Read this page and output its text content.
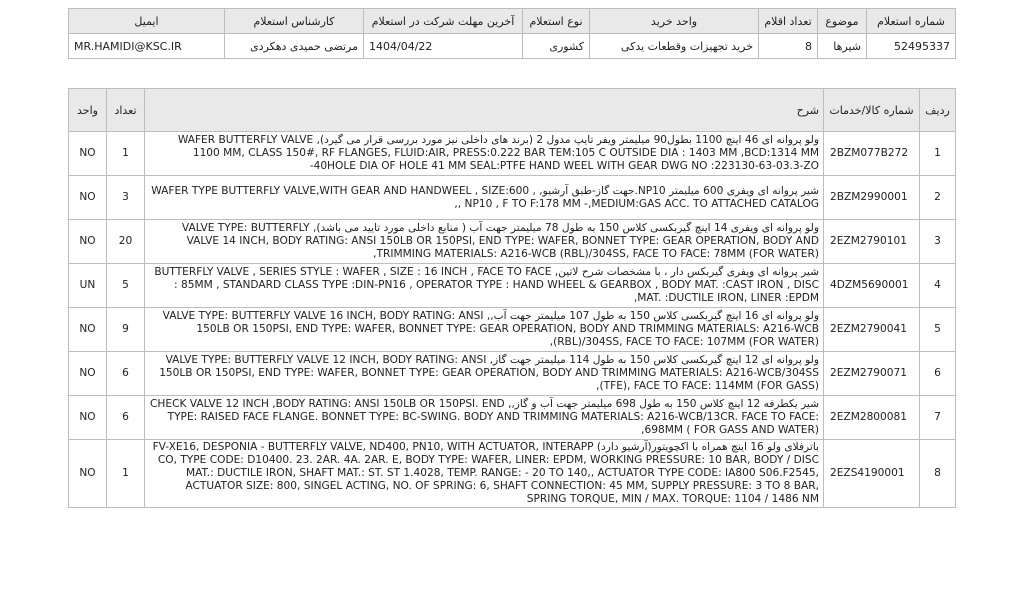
شماره استعلام	موضوع	تعداد اقلام	واحد خرید	نوع استعلام	آخرین مهلت شرکت در استعلام	کارشناس استعلام	ایمیل
52495337	شیرها	8	خرید تجهیزات وقطعات یدکی	کشوری	1404/04/22	مرتضی حمیدی دهکردی	MR.HAMIDI@KSC.IR
ردیف	شماره کالا/خدمات	شرح	تعداد	واحد
1	2BZM077B272	ولو پروانه ای 46 اینچ 1100 بطول90 میلیمتر ویفر تایپ مدول 2 (برند های داخلی نیز مورد بررسی قرار می گیرد), WAFER BUTTERFLY VALVE 1100 MM, CLASS 150#, RF FLANGES, FLUID:AIR, PRESS:0.222 BAR TEM:105 C OUTSIDE DIA : 1403 MM ,BCD:1314 MM 40HOLE DIA OF HOLE 41 MM SEAL:PTFE HAND WEEL WITH GEAR DWG NO :223130-63-03.3-ZO-	1	NO
2	2BZM2990001	شیر پروانه ای ویفری 600 میلیمتر NP10.جهت گاز-طبق آرشیو, WAFER TYPE BUTTERFLY VALVE,WITH GEAR AND HANDWEEL , SIZE:600 , NP10 , F TO F:178 MM -,MEDIUM:GAS ACC. TO ATTACHED CATALOG ,,	3	NO
3	2EZM2790101	ولو پروانه ای ویفری 14 اینچ گیربکسی کلاس 150 به طول 78 میلیمتر جهت آب ( منابع داخلی مورد تایید می باشد), VALVE TYPE: BUTTERFLY VALVE 14 INCH, BODY RATING: ANSI 150LB OR 150PSI, END TYPE: WAFER, BONNET TYPE: GEAR OPERATION, BODY AND TRIMMING MATERIALS: A216-WCB (RBL)/304SS, FACE TO FACE: 78MM (FOR WATER),	20	NO
4	4DZM5690001	شیر پروانه ای ویفری گیربکس دار ، با مشخصات شرح لاتین, BUTTERFLY VALVE , SERIES STYLE : WAFER , SIZE : 16 INCH , FACE TO FACE : 85MM , STANDARD CLASS TYPE :DIN-PN16 , OPERATOR TYPE : HAND WHEEL & GEARBOX , BODY MAT. :CAST IRON , DISC MAT. :DUCTILE IRON, LINER :EPDM,	5	UN
5	2EZM2790041	ولو پروانه ای 16 اینچ گیربکسی کلاس 150 به طول 107 میلیمتر جهت آب,, VALVE TYPE: BUTTERFLY VALVE 16 INCH, BODY RATING: ANSI 150LB OR 150PSI, END TYPE: WAFER, BONNET TYPE: GEAR OPERATION, BODY AND TRIMMING MATERIALS: A216-WCB (RBL)/304SS, FACE TO FACE: 107MM (FOR WATER),	9	NO
6	2EZM2790071	ولو پروانه ای 12 اینچ گیربکسی کلاس 150 به طول 114 میلیمتر جهت گاز, VALVE TYPE: BUTTERFLY VALVE 12 INCH, BODY RATING: ANSI 150LB OR 150PSI, END TYPE: WAFER, BONNET TYPE: GEAR OPERATION, BODY AND TRIMMING MATERIALS: A216-WCB/304SS (TFE), FACE TO FACE: 114MM (FOR GASS),	6	NO
7	2EZM2800081	شیر یکطرفه 12 اینچ کلاس 150 به طول 698 میلیمتر جهت آب و گاز,, CHECK VALVE 12 INCH ,BODY RATING: ANSI 150LB OR 150PSI. END TYPE: RAISED FACE FLANGE. BONNET TYPE: BC-SWING. BODY AND TRIMMING MATERIALS: A216-WCB/13CR. FACE TO FACE: 698MM ( FOR GASS AND WATER),	6	NO
8	2EZS4190001	باترفلای ولو 16 اینچ همراه با اکچویتور(آرشیو دارد) FV-XE16, DESPONIA - BUTTERFLY VALVE, ND400, PN10, WITH ACTUATOR, INTERAPP CO, TYPE CODE: D10400. 23. 2AR. 4A. 2AR. E, BODY TYPE: WAFER, LINER: EPDM, WORKING PRESSURE: 10 BAR, BODY / DISC MAT.: DUCTILE IRON, SHAFT MAT.: ST. ST 1.4028, TEMP. RANGE: - 20 TO 140,, ACTUATOR TYPE CODE: IA800 S06.F2545, ACTUATOR SIZE: 800, SINGEL ACTING, NO. OF SPRING: 6, SHAFT CONNECTION: 45 MM, SUPPLY PRESSURE: 3 TO 8 BAR, SPRING TORQUE, MIN / MAX. TORQUE: 1104 / 1486 NM	1	NO
